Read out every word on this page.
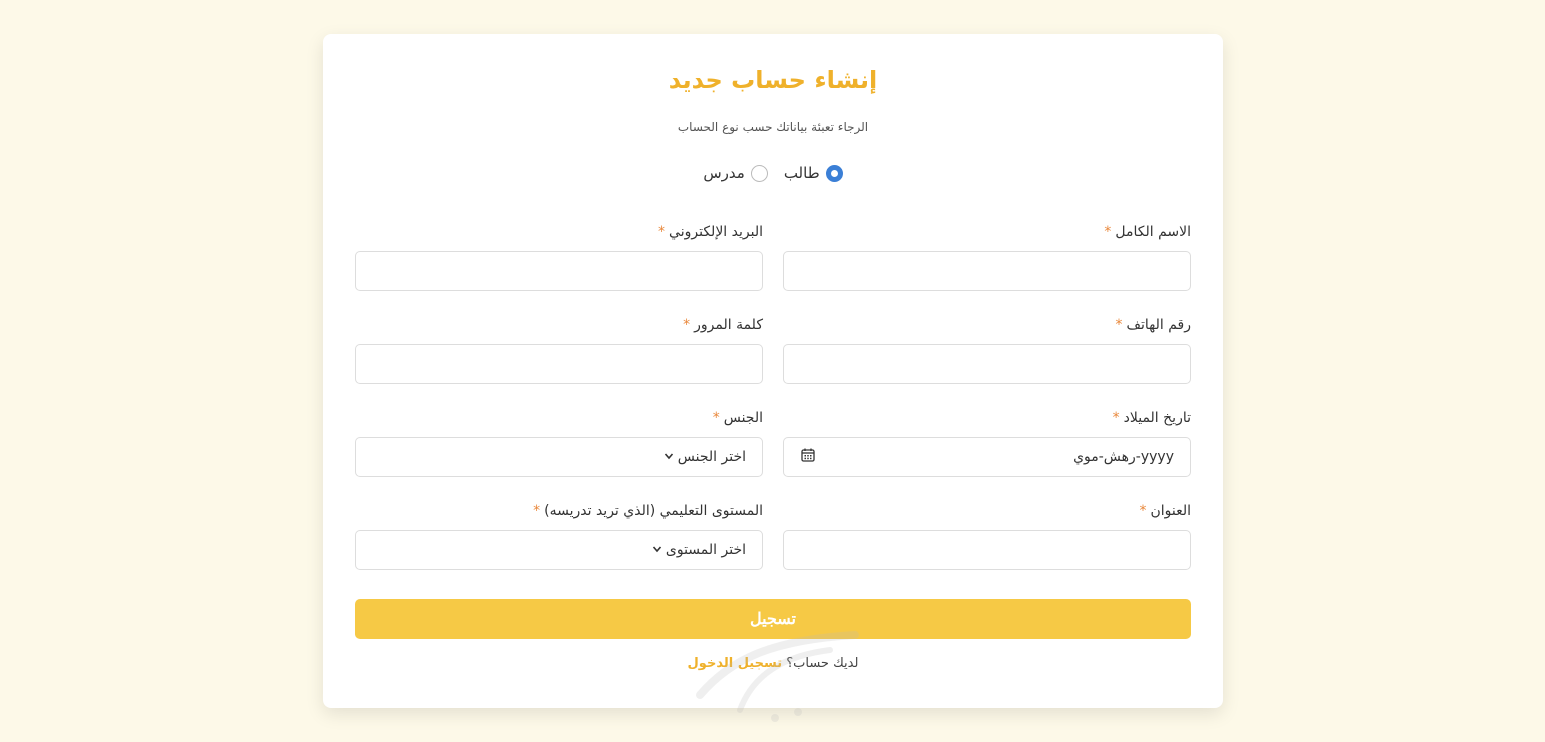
إنشاء حساب جديد
الرجاء تعبئة بياناتك حسب نوع الحساب
طالب
مدرس
الاسم الكامل*
البريد الإلكتروني*
رقم الهاتف*
كلمة المرور*
تاريخ الميلاد*
yyyy-رهش-موي
الجنس*
اختر الجنس
العنوان*
المستوى التعليمي (الذي تريد تدريسه)*
اختر المستوى
تسجيل
لديك حساب؟ تسجيل الدخول
